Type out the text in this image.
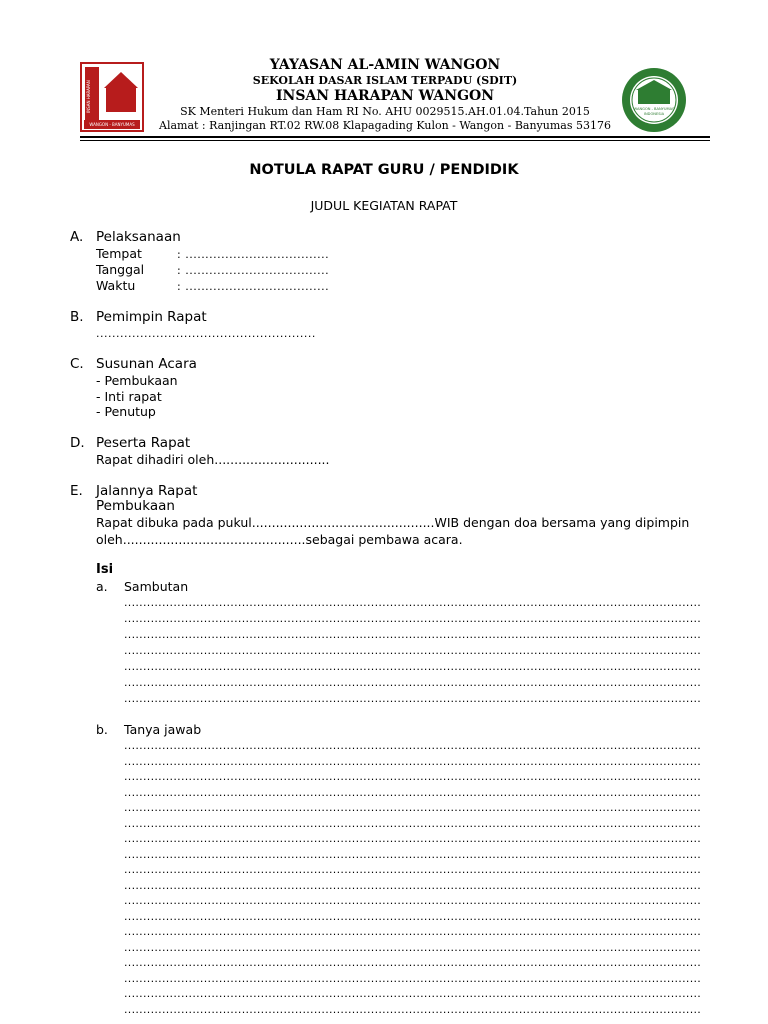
INSAN HARAPAN
WANGON - BANYUMAS
YAYASAN AL-AMIN WANGON
SEKOLAH DASAR ISLAM TERPADU (SDIT)
INSAN HARAPAN WANGON
SK Menteri Hukum dan Ham RI No. AHU 0029515.AH.01.04.Tahun 2015
Alamat : Ranjingan RT.02 RW.08 Klapagading Kulon - Wangon - Banyumas 53176
WANGON - BANYUMAS
INDONESIA
NOTULA RAPAT GURU / PENDIDIK
JUDUL KEGIATAN RAPAT
A. Pelaksanaan
Tempat	: ....................................
Tanggal	: ....................................
Waktu	: ....................................
B. Pemimpin Rapat
.......................................................
C. Susunan Acara
- Pembukaan
- Inti rapat
- Penutup
D. Peserta Rapat
Rapat dihadiri oleh.............................
E. Jalannya Rapat
Pembukaan
Rapat dibuka pada pukul..............................................WIB dengan doa bersama yang dipimpin
oleh..............................................sebagai pembawa acara.
Isi
a. Sambutan
........................................................................................................................................................
........................................................................................................................................................
........................................................................................................................................................
........................................................................................................................................................
........................................................................................................................................................
........................................................................................................................................................
........................................................................................................................................................
b. Tanya jawab
........................................................................................................................................................
........................................................................................................................................................
........................................................................................................................................................
........................................................................................................................................................
........................................................................................................................................................
........................................................................................................................................................
........................................................................................................................................................
........................................................................................................................................................
........................................................................................................................................................
........................................................................................................................................................
........................................................................................................................................................
........................................................................................................................................................
........................................................................................................................................................
........................................................................................................................................................
........................................................................................................................................................
........................................................................................................................................................
........................................................................................................................................................
........................................................................................................................................................
